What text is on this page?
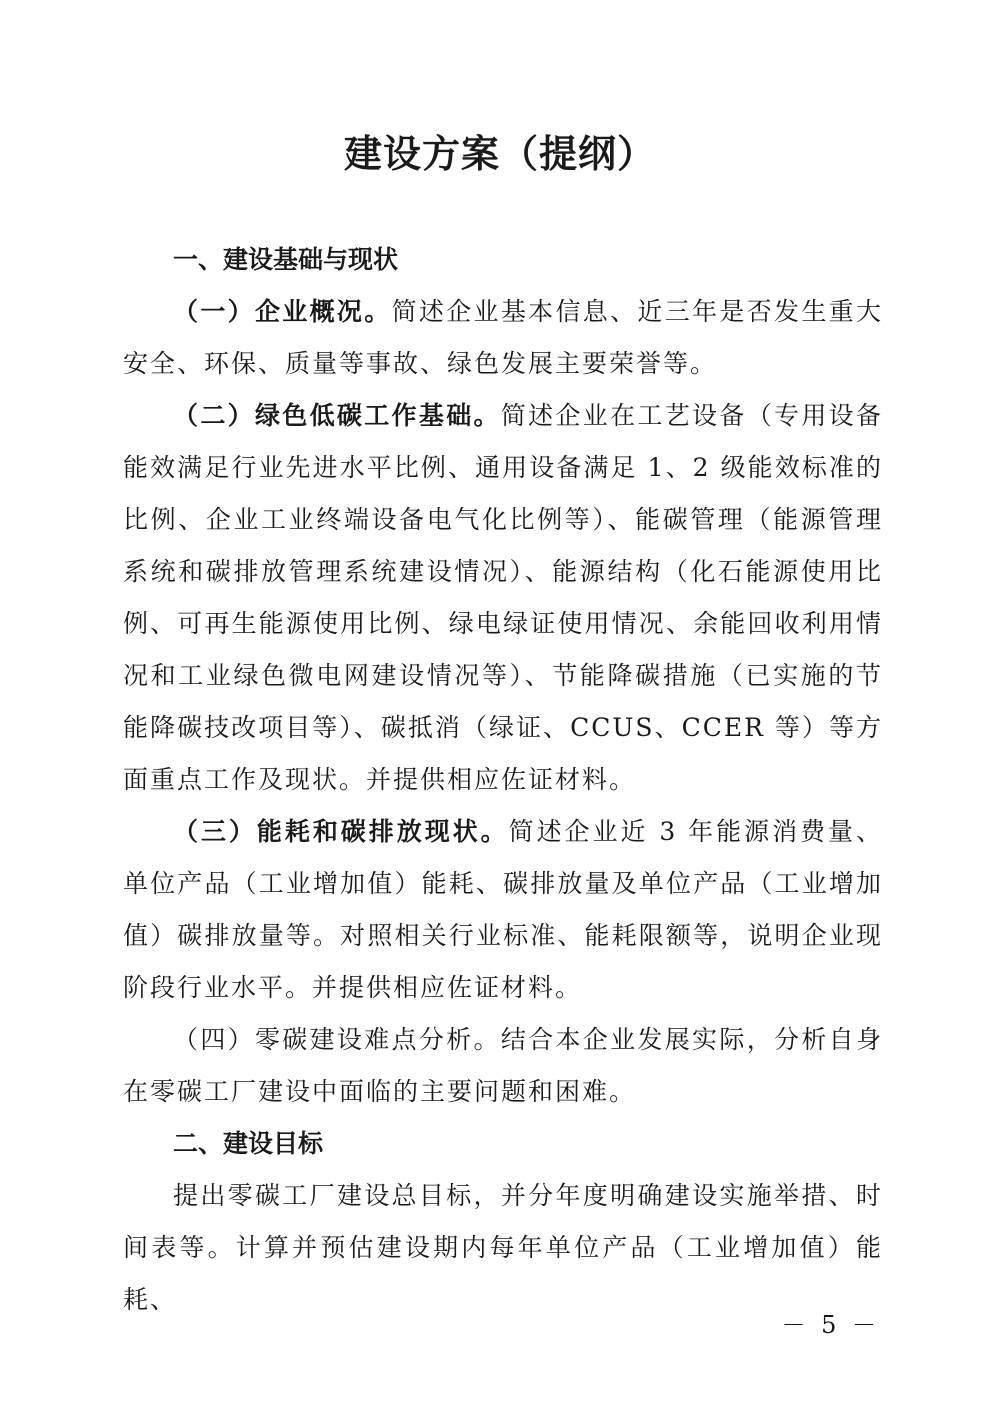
建设方案（提纲）
一、建设基础与现状

（一）企业概况。简述企业基本信息、近三年是否发生重大安全、环保、质量等事故、绿色发展主要荣誉等。

（二）绿色低碳工作基础。简述企业在工艺设备（专用设备能效满足行业先进水平比例、通用设备满足 1、2 级能效标准的比例、企业工业终端设备电气化比例等）、能碳管理（能源管理系统和碳排放管理系统建设情况）、能源结构（化石能源使用比例、可再生能源使用比例、绿电绿证使用情况、余能回收利用情况和工业绿色微电网建设情况等）、节能降碳措施（已实施的节能降碳技改项目等）、碳抵消（绿证、CCUS、CCER 等）等方面重点工作及现状。并提供相应佐证材料。

（三）能耗和碳排放现状。简述企业近 3 年能源消费量、单位产品（工业增加值）能耗、碳排放量及单位产品（工业增加值）碳排放量等。对照相关行业标准、能耗限额等，说明企业现阶段行业水平。并提供相应佐证材料。

（四）零碳建设难点分析。结合本企业发展实际，分析自身在零碳工厂建设中面临的主要问题和困难。

二、建设目标

提出零碳工厂建设总目标，并分年度明确建设实施举措、时间表等。计算并预估建设期内每年单位产品（工业增加值）能耗、

－ 5 －
